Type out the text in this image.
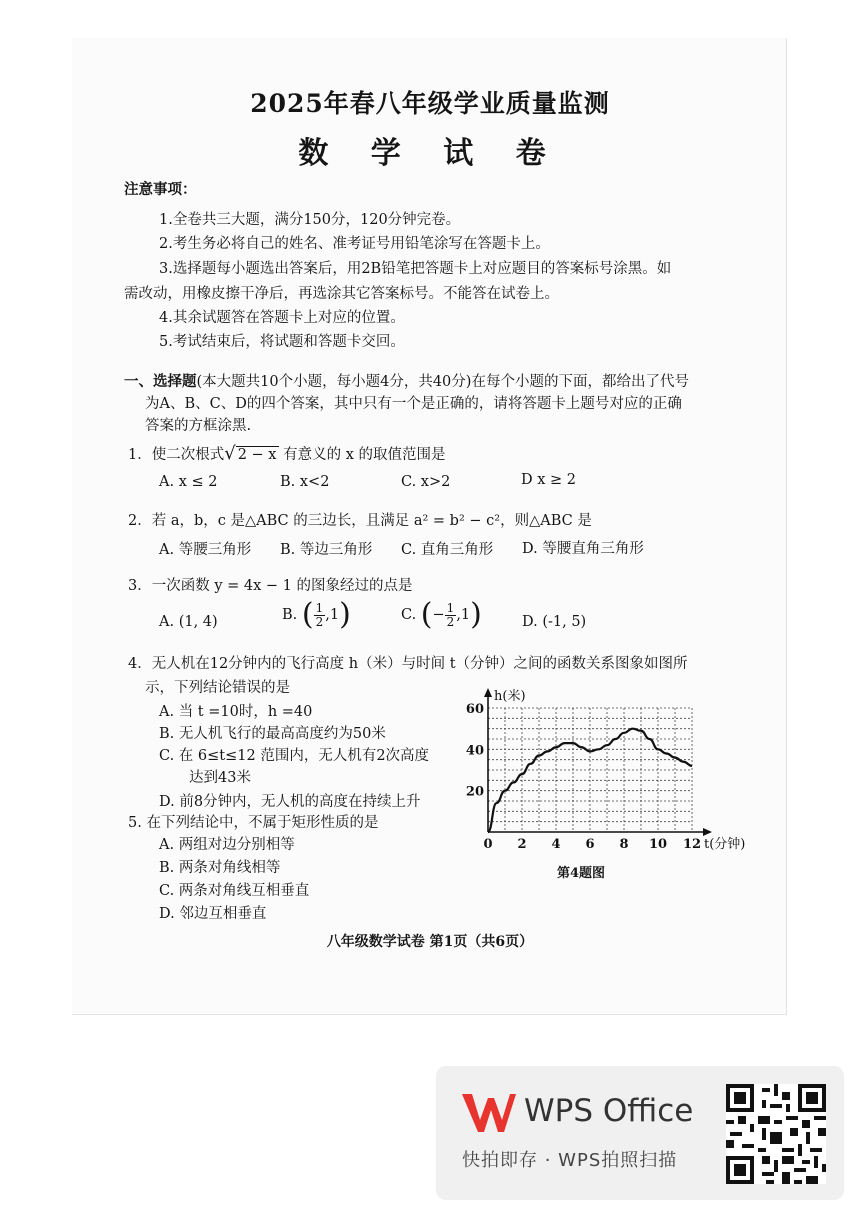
2025年春八年级学业质量监测
数 学 试 卷
注意事项：
1.全卷共三大题，满分150分，120分钟完卷。
2.考生务必将自己的姓名、准考证号用铅笔涂写在答题卡上。
3.选择题每小题选出答案后，用2B铅笔把答题卡上对应题目的答案标号涂黑。如
需改动，用橡皮擦干净后，再选涂其它答案标号。不能答在试卷上。
4.其余试题答在答题卡上对应的位置。
5.考试结束后，将试题和答题卡交回。
一、选择题(本大题共10个小题，每小题4分，共40分)在每个小题的下面，都给出了代号
为A、B、C、D的四个答案，其中只有一个是正确的，请将答题卡上题号对应的正确
答案的方框涂黑.
1．使二次根式√ 2 − x 有意义的 x 的取值范围是
A. x ≤ 2	B. x<2	C. x>2	D x ≥ 2
2．若 a，b，c 是△ABC 的三边长，且满足 a² = b² − c²，则△ABC 是
A. 等腰三角形 B. 等边三角形 C. 直角三角形 D. 等腰直角三角形
3．一次函数 y = 4x − 1 的图象经过的点是
A. (1, 4)	B. ( $\frac{1}{2} ,1$)	C. (− $\frac{1}{2} ,1$)	D. (-1, 5)
4．无人机在12分钟内的飞行高度 h（米）与时间 t（分钟）之间的函数关系图象如图所
示，下列结论错误的是
A. 当 t =10时，h =40
B. 无人机飞行的最高高度约为50米
C. 在 6≤t≤12 范围内，无人机有2次高度
达到43米
D. 前8分钟内，无人机的高度在持续上升
0 2 4 6 8 10 12
20
40
60
t(分钟)
h(米)
第4题图
5. 在下列结论中，不属于矩形性质的是
A. 两组对边分别相等
B. 两条对角线相等
C. 两条对角线互相垂直
D. 邻边互相垂直
八年级数学试卷 第1页（共6页）
WPS Office
快拍即存 · WPS拍照扫描
